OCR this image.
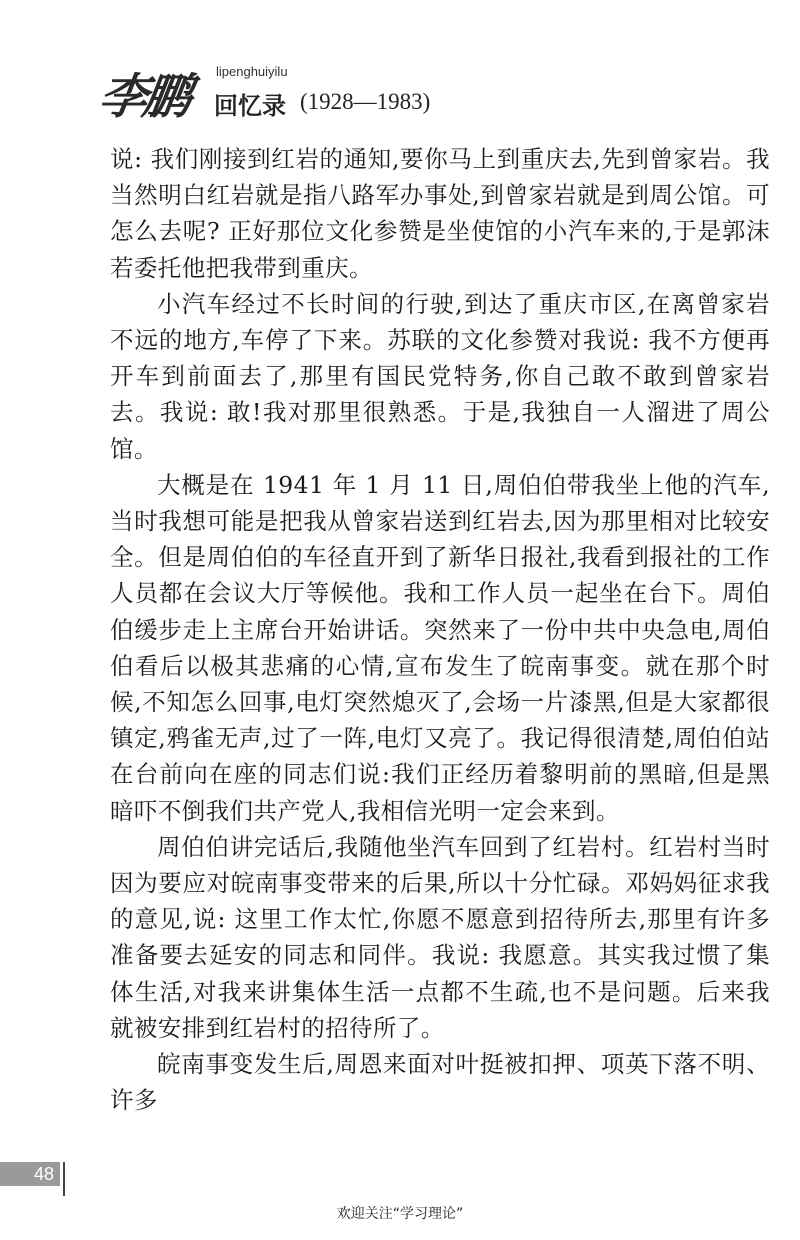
李鹏 lipenghuiyilu
回忆录 (1928—1983)

说: 我们刚接到红岩的通知,要你马上到重庆去,先到曾家岩。我当然明白红岩就是指八路军办事处,到曾家岩就是到周公馆。可怎么去呢? 正好那位文化参赞是坐使馆的小汽车来的,于是郭沫若委托他把我带到重庆。

小汽车经过不长时间的行驶,到达了重庆市区,在离曾家岩不远的地方,车停了下来。苏联的文化参赞对我说: 我不方便再开车到前面去了,那里有国民党特务,你自己敢不敢到曾家岩去。我说: 敢!我对那里很熟悉。于是,我独自一人溜进了周公馆。

大概是在 1941 年 1 月 11 日,周伯伯带我坐上他的汽车,当时我想可能是把我从曾家岩送到红岩去,因为那里相对比较安全。但是周伯伯的车径直开到了新华日报社,我看到报社的工作人员都在会议大厅等候他。我和工作人员一起坐在台下。周伯伯缓步走上主席台开始讲话。突然来了一份中共中央急电,周伯伯看后以极其悲痛的心情,宣布发生了皖南事变。就在那个时候,不知怎么回事,电灯突然熄灭了,会场一片漆黑,但是大家都很镇定,鸦雀无声,过了一阵,电灯又亮了。我记得很清楚,周伯伯站在台前向在座的同志们说:我们正经历着黎明前的黑暗,但是黑暗吓不倒我们共产党人,我相信光明一定会来到。

周伯伯讲完话后,我随他坐汽车回到了红岩村。红岩村当时因为要应对皖南事变带来的后果,所以十分忙碌。邓妈妈征求我的意见,说: 这里工作太忙,你愿不愿意到招待所去,那里有许多准备要去延安的同志和同伴。我说: 我愿意。其实我过惯了集体生活,对我来讲集体生活一点都不生疏,也不是问题。后来我就被安排到红岩村的招待所了。

皖南事变发生后,周恩来面对叶挺被扣押、项英下落不明、许多

48
欢迎关注“学习理论”
